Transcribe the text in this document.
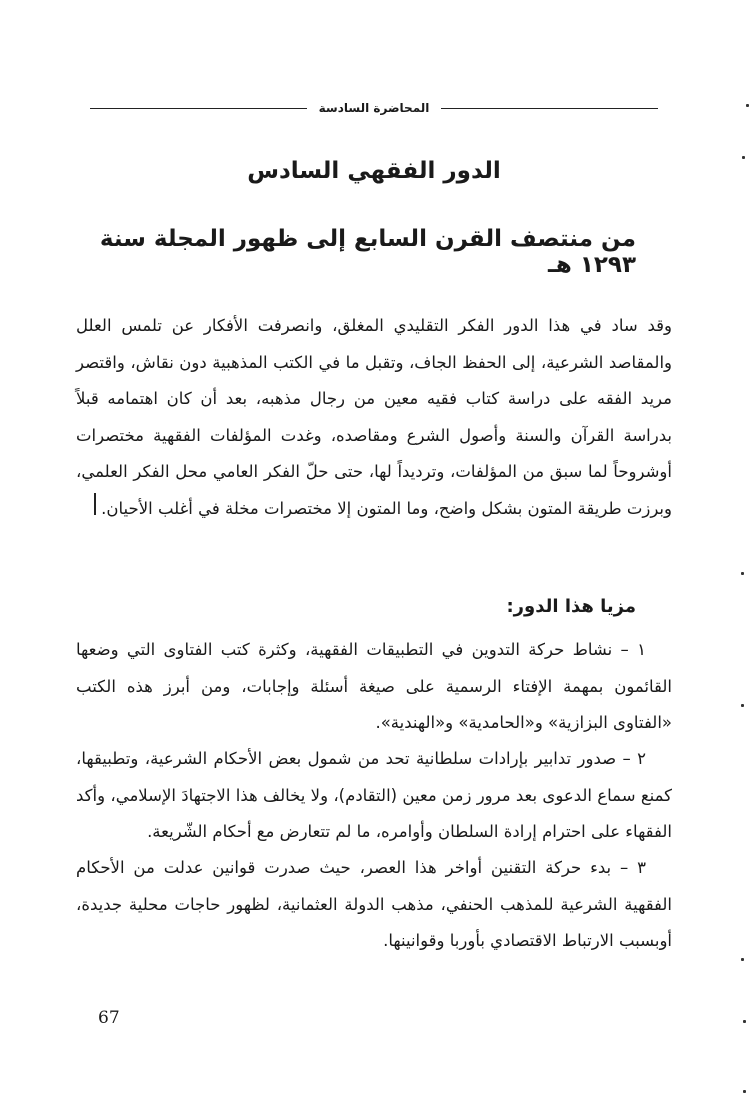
المحاضرة السادسة
الدور الفقهي السادس
من منتصف القرن السابع إلى ظهور المجلة سنة ١٢٩٣ هـ

وقد ساد في هذا الدور الفكر التقليدي المغلق، وانصرفت الأفكار عن تلمس العلل والمقاصد الشرعية، إلى الحفظ الجاف، وتقبل ما في الكتب المذهبية دون نقاش، واقتصر مريد الفقه على دراسة كتاب فقيه معين من رجال مذهبه، بعد أن كان اهتمامه قبلاً بدراسة القرآن والسنة وأصول الشرع ومقاصده، وغدت المؤلفات الفقهية مختصرات أوشروحاً لما سبق من المؤلفات، وترديداً لها، حتى حلّ الفكر العامي محل الفكر العلمي، وبرزت طريقة المتون بشكل واضح، وما المتون إلا مختصرات مخلة في أغلب الأحيان.

مزيا هذا الدور:

١ – نشاط حركة التدوين في التطبيقات الفقهية، وكثرة كتب الفتاوى التي وضعها القائمون بمهمة الإفتاء الرسمية على صيغة أسئلة وإجابات، ومن أبرز هذه الكتب «الفتاوى البزازية» و«الحامدية» و«الهندية».

٢ – صدور تدابير بإرادات سلطانية تحد من شمول بعض الأحكام الشرعية، وتطبيقها، كمنع سماع الدعوى بعد مرور زمن معين (التقادم)، ولا يخالف هذا الاجتهادَ الإسلامي، وأكد الفقهاء على احترام إرادة السلطان وأوامره، ما لم تتعارض مع أحكام الشّريعة.

٣ – بدء حركة التقنين أواخر هذا العصر، حيث صدرت قوانين عدلت من الأحكام الفقهية الشرعية للمذهب الحنفي، مذهب الدولة العثمانية، لظهور حاجات محلية جديدة، أوبسبب الارتباط الاقتصادي بأوربا وقوانينها.

67
